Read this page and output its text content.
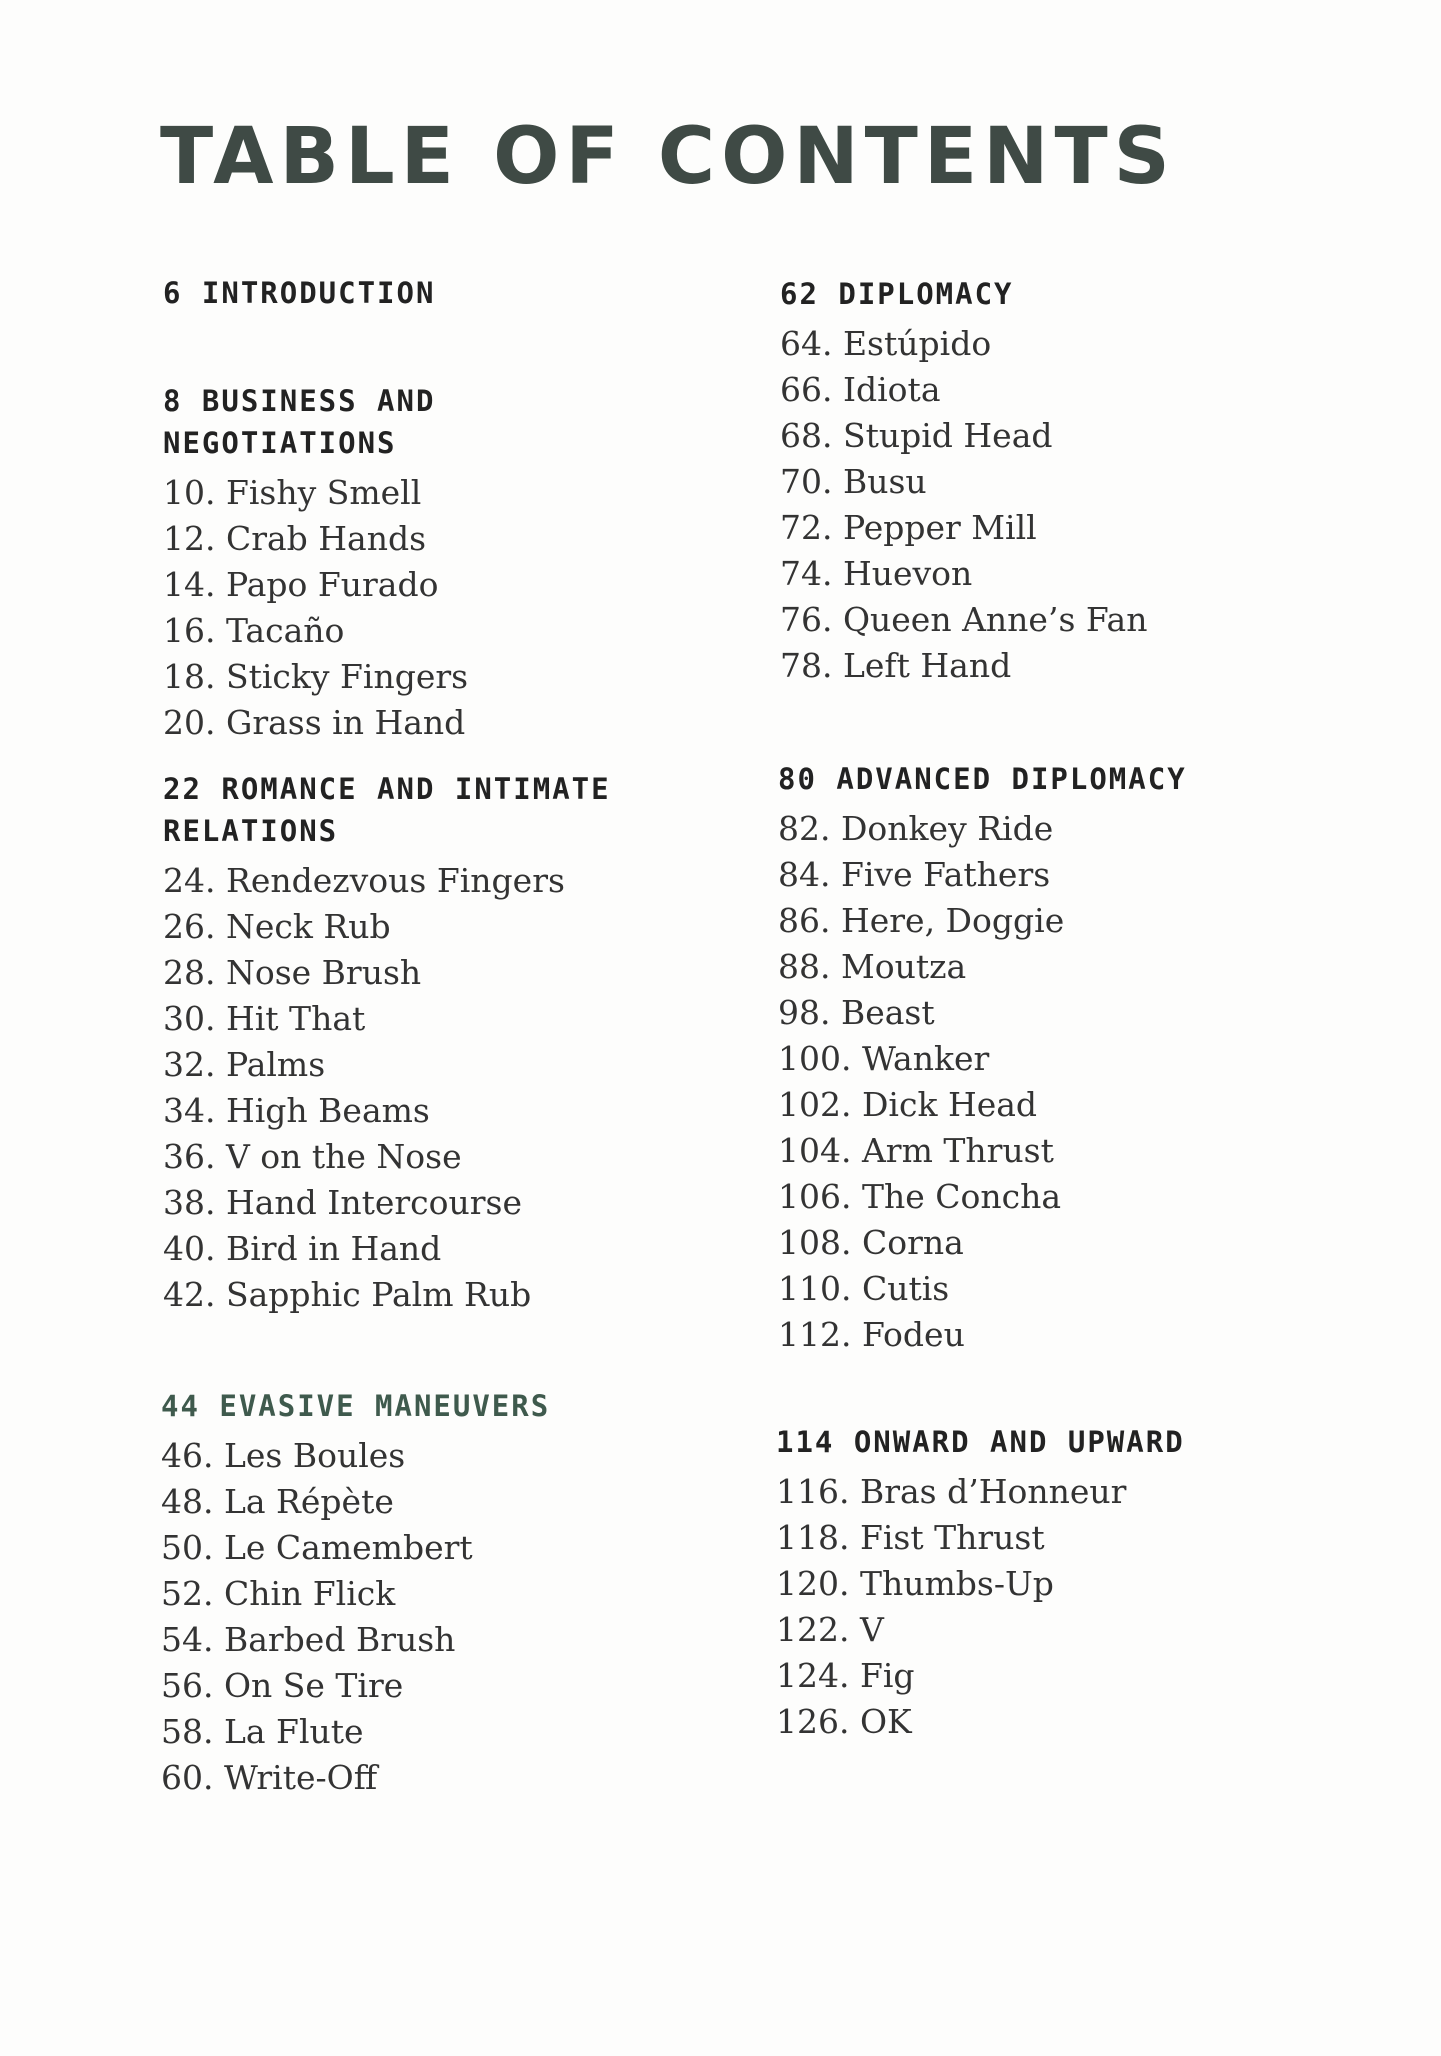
TABLE OF CONTENTS
6 INTRODUCTION
8 BUSINESS AND NEGOTIATIONS
10. Fishy Smell
12. Crab Hands
14. Papo Furado
16. Tacaño
18. Sticky Fingers
20. Grass in Hand
22 ROMANCE AND INTIMATE RELATIONS
24. Rendezvous Fingers
26. Neck Rub
28. Nose Brush
30. Hit That
32. Palms
34. High Beams
36. V on the Nose
38. Hand Intercourse
40. Bird in Hand
42. Sapphic Palm Rub
44 EVASIVE MANEUVERS
46. Les Boules
48. La Répète
50. Le Camembert
52. Chin Flick
54. Barbed Brush
56. On Se Tire
58. La Flute
60. Write-Off
62 DIPLOMACY
64. Estúpido
66. Idiota
68. Stupid Head
70. Busu
72. Pepper Mill
74. Huevon
76. Queen Anne’s Fan
78. Left Hand
80 ADVANCED DIPLOMACY
82. Donkey Ride
84. Five Fathers
86. Here, Doggie
88. Moutza
98. Beast
100. Wanker
102. Dick Head
104. Arm Thrust
106. The Concha
108. Corna
110. Cutis
112. Fodeu
114 ONWARD AND UPWARD
116. Bras d’Honneur
118. Fist Thrust
120. Thumbs-Up
122. V
124. Fig
126. OK
